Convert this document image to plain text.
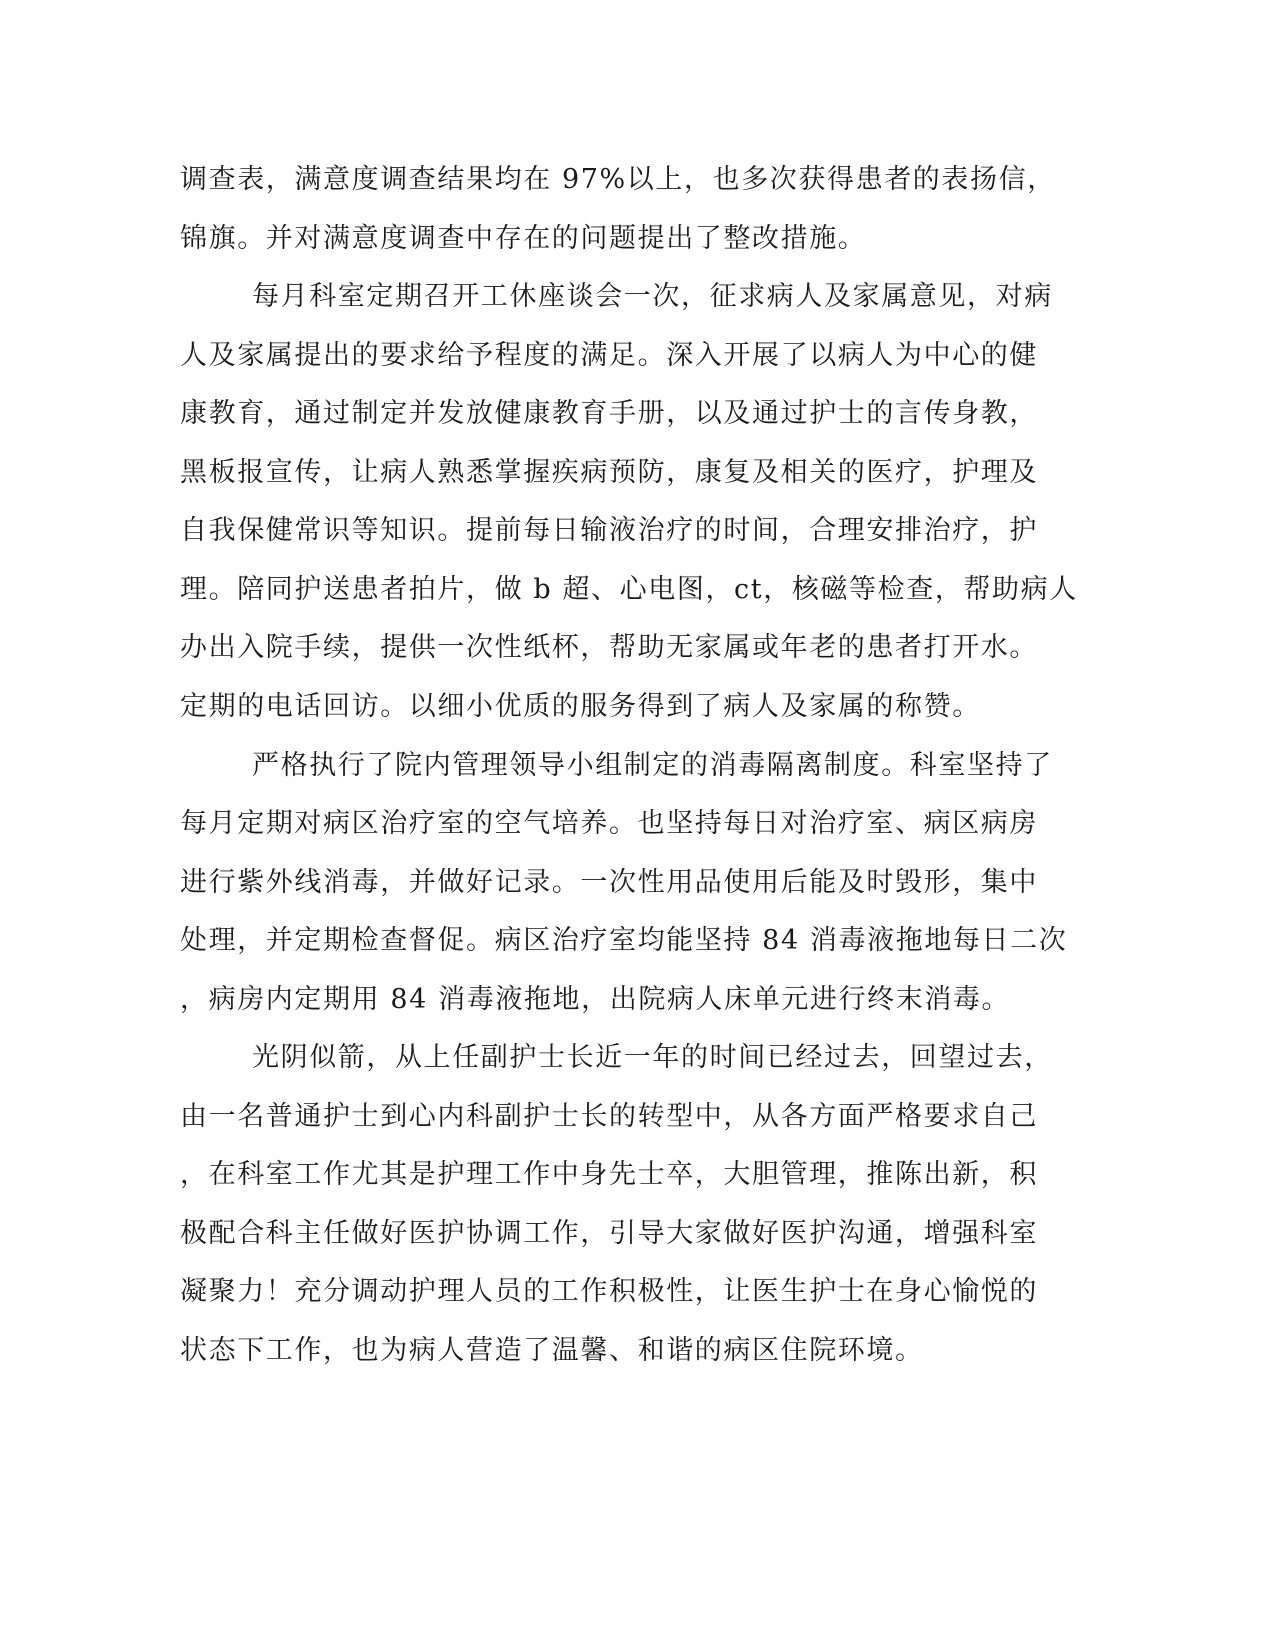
调查表，满意度调查结果均在 97%以上，也多次获得患者的表扬信，
锦旗。并对满意度调查中存在的问题提出了整改措施。
每月科室定期召开工休座谈会一次，征求病人及家属意见，对病
人及家属提出的要求给予程度的满足。深入开展了以病人为中心的健
康教育，通过制定并发放健康教育手册，以及通过护士的言传身教，
黑板报宣传，让病人熟悉掌握疾病预防，康复及相关的医疗，护理及
自我保健常识等知识。提前每日输液治疗的时间，合理安排治疗，护
理。陪同护送患者拍片，做 b 超、心电图，ct，核磁等检查，帮助病人
办出入院手续，提供一次性纸杯，帮助无家属或年老的患者打开水。
定期的电话回访。以细小优质的服务得到了病人及家属的称赞。
严格执行了院内管理领导小组制定的消毒隔离制度。科室坚持了
每月定期对病区治疗室的空气培养。也坚持每日对治疗室、病区病房
进行紫外线消毒，并做好记录。一次性用品使用后能及时毁形，集中
处理，并定期检查督促。病区治疗室均能坚持 84 消毒液拖地每日二次
，病房内定期用 84 消毒液拖地，出院病人床单元进行终末消毒。
光阴似箭，从上任副护士长近一年的时间已经过去，回望过去，
由一名普通护士到心内科副护士长的转型中，从各方面严格要求自己
，在科室工作尤其是护理工作中身先士卒，大胆管理，推陈出新，积
极配合科主任做好医护协调工作，引导大家做好医护沟通，增强科室
凝聚力！充分调动护理人员的工作积极性，让医生护士在身心愉悦的
状态下工作，也为病人营造了温馨、和谐的病区住院环境。
